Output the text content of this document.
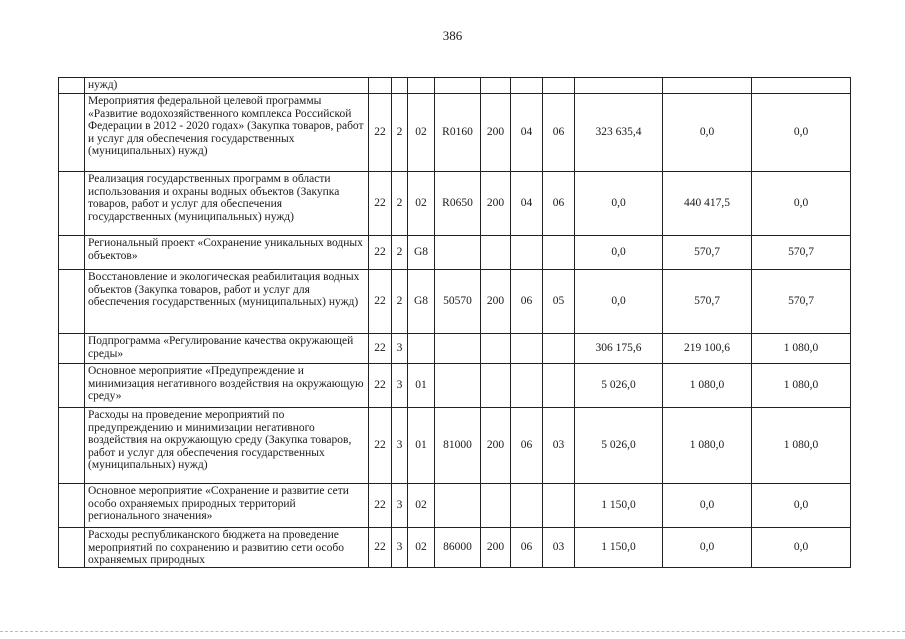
386
	нужд)										
	Мероприятия федеральной целевой программы «Развитие водохозяйственного комплекса Российской Федерации в 2012 - 2020 годах» (Закупка товаров, работ и услуг для обеспечения государственных (муниципальных) нужд)	22	2	02	R0160	200	04	06	323 635,4	0,0	0,0
	Реализация государственных программ в области использования и охраны водных объектов (Закупка товаров, работ и услуг для обеспечения государственных (муниципальных) нужд)	22	2	02	R0650	200	04	06	0,0	440 417,5	0,0
	Региональный проект «Сохранение уникальных водных объектов»	22	2	G8					0,0	570,7	570,7
	Восстановление и экологическая реабилитация водных объектов (Закупка товаров, работ и услуг для обеспечения государственных (муниципальных) нужд)	22	2	G8	50570	200	06	05	0,0	570,7	570,7
	Подпрограмма «Регулирование качества окружающей среды»	22	3						306 175,6	219 100,6	1 080,0
	Основное мероприятие «Предупреждение и минимизация негативного воздействия на окружающую среду»	22	3	01					5 026,0	1 080,0	1 080,0
	Расходы на проведение мероприятий по предупреждению и минимизации негативного воздействия на окружающую среду (Закупка товаров, работ и услуг для обеспечения государственных (муниципальных) нужд)	22	3	01	81000	200	06	03	5 026,0	1 080,0	1 080,0
	Основное мероприятие «Сохранение и развитие сети особо охраняемых природных территорий регионального значения»	22	3	02					1 150,0	0,0	0,0
	Расходы республиканского бюджета на проведение мероприятий по сохранению и развитию сети особо охраняемых природных	22	3	02	86000	200	06	03	1 150,0	0,0	0,0
